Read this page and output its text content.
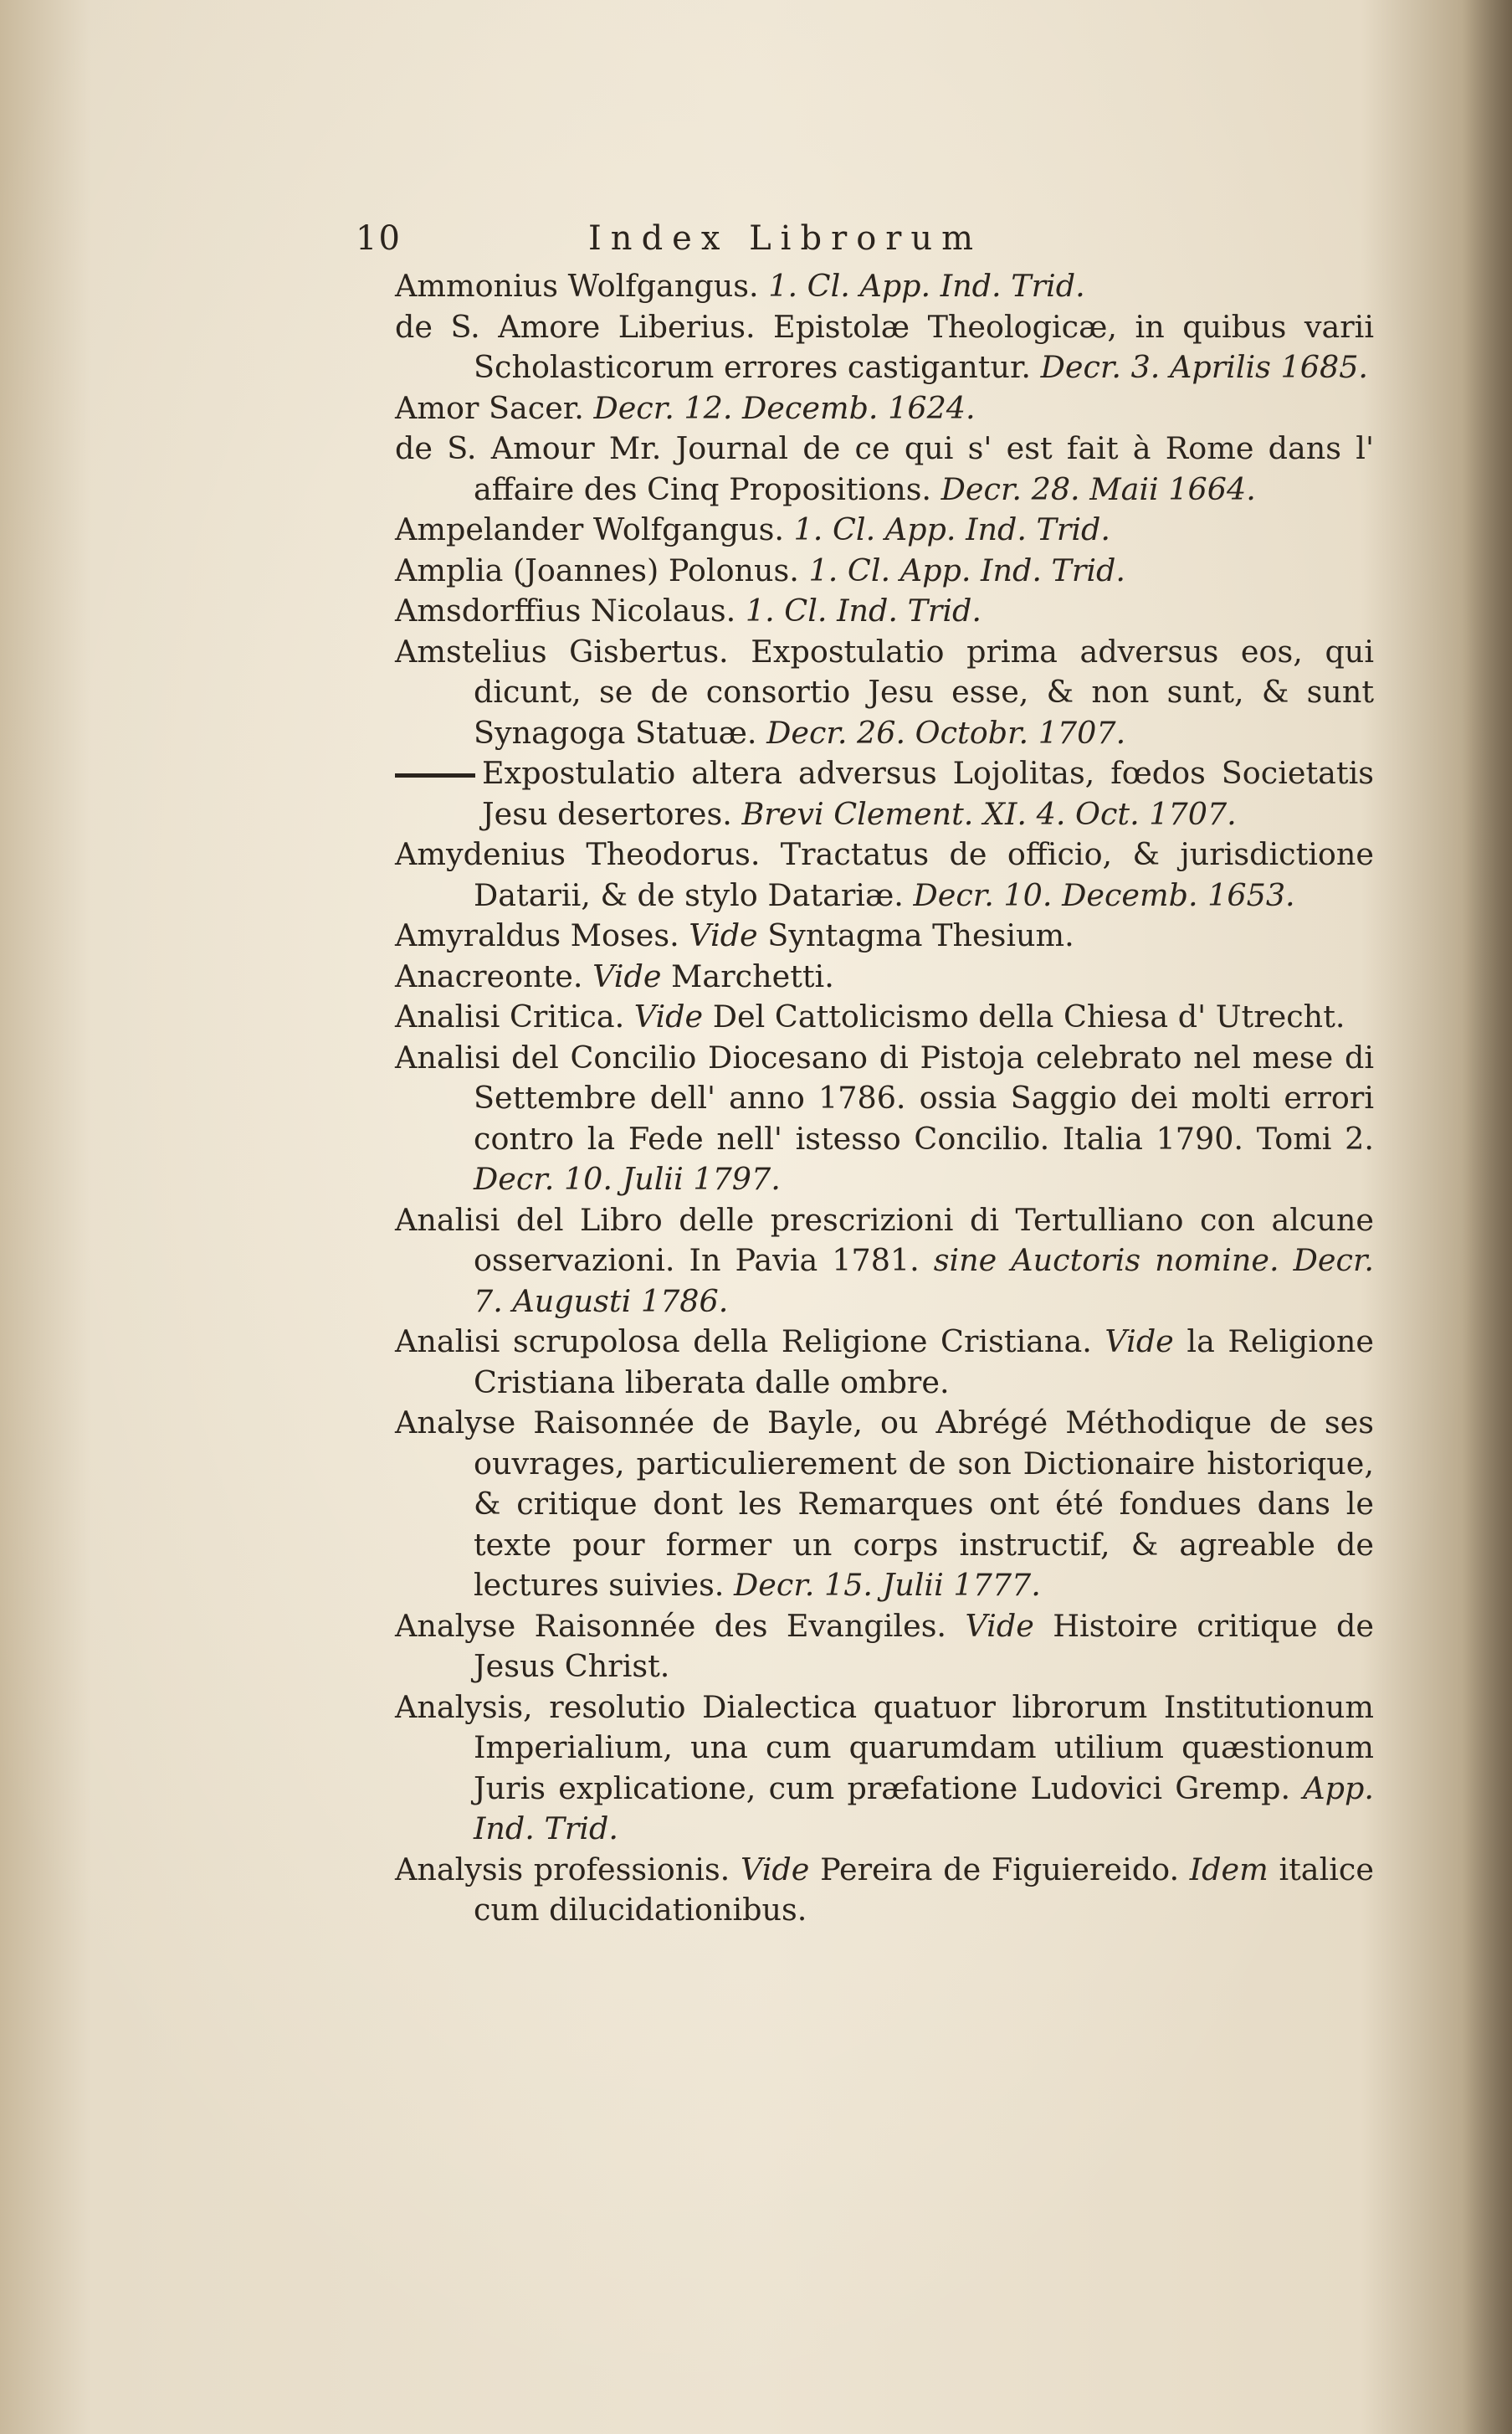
10	Index Librorum
Ammonius Wolfgangus. 1. Cl. App. Ind. Trid.
de S. Amore Liberius. Epistolæ Theologicæ, in quibus varii Scholasticorum errores castigantur. Decr. 3. Aprilis 1685.
Amor Sacer. Decr. 12. Decemb. 1624.
de S. Amour Mr. Journal de ce qui s' est fait à Rome dans l' affaire des Cinq Propositions. Decr. 28. Maii 1664.
Ampelander Wolfgangus. 1. Cl. App. Ind. Trid.
Amplia (Joannes) Polonus. 1. Cl. App. Ind. Trid.
Amsdorffius Nicolaus. 1. Cl. Ind. Trid.
Amstelius Gisbertus. Expostulatio prima adversus eos, qui dicunt, se de consortio Jesu esse, & non sunt, & sunt Synagoga Statuæ. Decr. 26. Octobr. 1707.
Expostulatio altera adversus Lojolitas, fœdos Societatis Jesu desertores. Brevi Clement. XI. 4. Oct. 1707.
Amydenius Theodorus. Tractatus de officio, & jurisdictione Datarii, & de stylo Datariæ. Decr. 10. Decemb. 1653.
Amyraldus Moses. Vide Syntagma Thesium.
Anacreonte. Vide Marchetti.
Analisi Critica. Vide Del Cattolicismo della Chiesa d' Utrecht.
Analisi del Concilio Diocesano di Pistoja celebrato nel mese di Settembre dell' anno 1786. ossia Saggio dei molti errori contro la Fede nell' istesso Concilio. Italia 1790. Tomi 2. Decr. 10. Julii 1797.
Analisi del Libro delle prescrizioni di Tertulliano con alcune osservazioni. In Pavia 1781. sine Auctoris nomine. Decr. 7. Augusti 1786.
Analisi scrupolosa della Religione Cristiana. Vide la Religione Cristiana liberata dalle ombre.
Analyse Raisonnée de Bayle, ou Abrégé Méthodique de ses ouvrages, particulierement de son Dictionaire historique, & critique dont les Remarques ont été fondues dans le texte pour former un corps instructif, & agreable de lectures suivies. Decr. 15. Julii 1777.
Analyse Raisonnée des Evangiles. Vide Histoire critique de Jesus Christ.
Analysis, resolutio Dialectica quatuor librorum Institutionum Imperialium, una cum quarumdam utilium quæstionum Juris explicatione, cum præfatione Ludovici Gremp. App. Ind. Trid.
Analysis professionis. Vide Pereira de Figuiereido. Idem italice cum dilucidationibus.
